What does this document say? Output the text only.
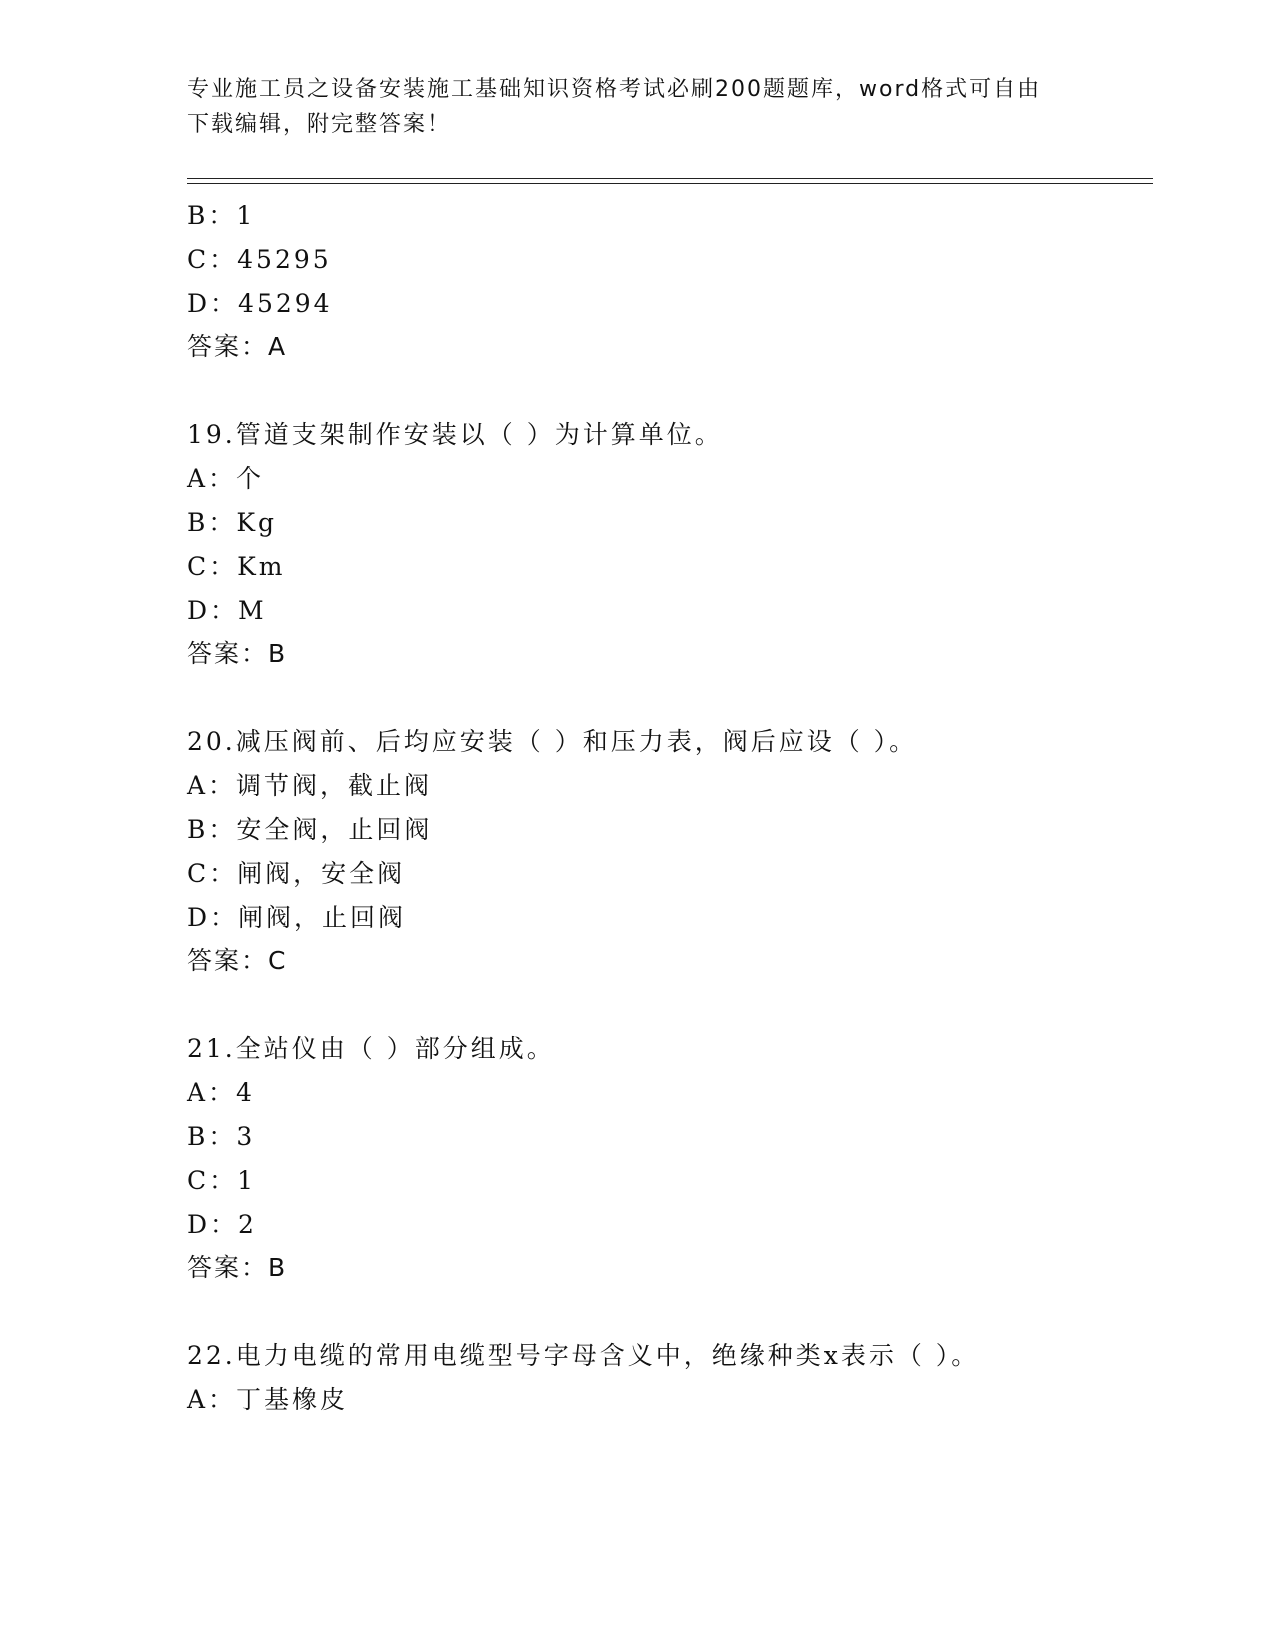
专业施工员之设备安装施工基础知识资格考试必刷200题题库，word格式可自由
下载编辑，附完整答案！
B：1
C：45295
D：45294
答案：A
19.管道支架制作安装以（ ）为计算单位。
A：个
B：Kg
C：Km
D：M
答案：B
20.减压阀前、后均应安装（ ）和压力表，阀后应设（ ）。
A：调节阀，截止阀
B：安全阀，止回阀
C：闸阀，安全阀
D：闸阀，止回阀
答案：C
21.全站仪由（ ）部分组成。
A：4
B：3
C：1
D：2
答案：B
22.电力电缆的常用电缆型号字母含义中，绝缘种类x表示（ ）。
A：丁基橡皮
